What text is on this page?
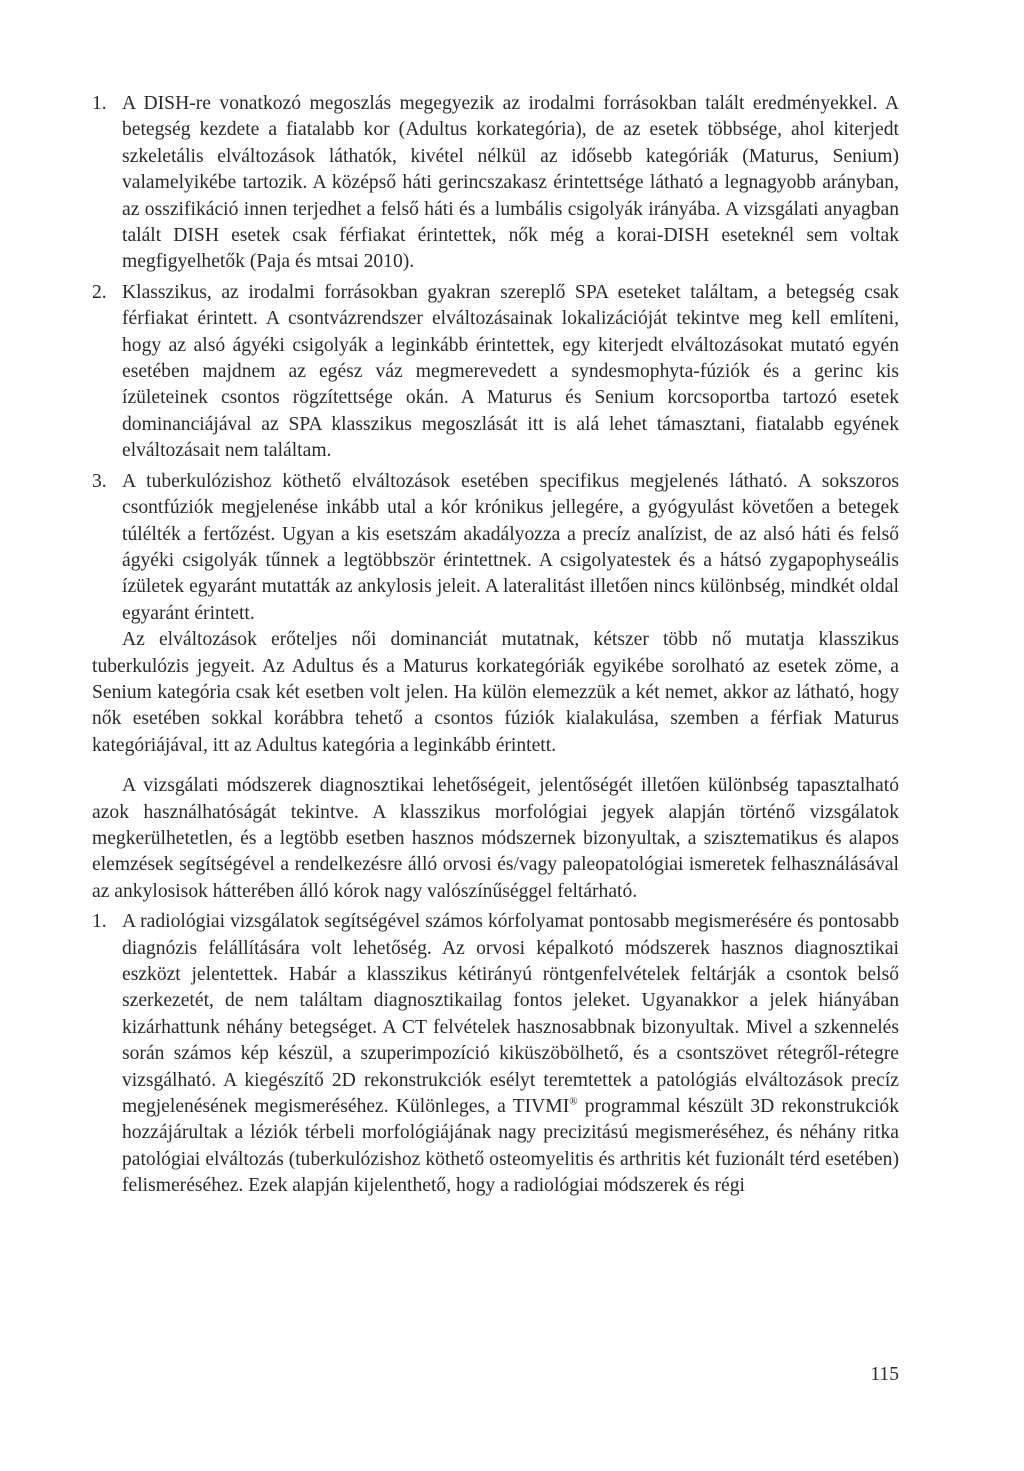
1. A DISH-re vonatkozó megoszlás megegyezik az irodalmi forrásokban talált eredményekkel. A betegség kezdete a fiatalabb kor (Adultus korkategória), de az esetek többsége, ahol kiterjedt szkeletális elváltozások láthatók, kivétel nélkül az idősebb kategóriák (Maturus, Senium) valamelyikébe tartozik. A középső háti gerincszakasz érintettsége látható a legnagyobb arányban, az osszifikáció innen terjedhet a felső háti és a lumbális csigolyák irányába. A vizsgálati anyagban talált DISH esetek csak férfiakat érintettek, nők még a korai-DISH eseteknél sem voltak megfigyelhetők (Paja és mtsai 2010).
2. Klasszikus, az irodalmi forrásokban gyakran szereplő SPA eseteket találtam, a betegség csak férfiakat érintett. A csontvázrendszer elváltozásainak lokalizációját tekintve meg kell említeni, hogy az alsó ágyéki csigolyák a leginkább érintettek, egy kiterjedt elváltozásokat mutató egyén esetében majdnem az egész váz megmerevedett a syndesmophyta-fúziók és a gerinc kis ízületeinek csontos rögzítettsége okán. A Maturus és Senium korcsoportba tartozó esetek dominanciájával az SPA klasszikus megoszlását itt is alá lehet támasztani, fiatalabb egyének elváltozásait nem találtam.
3. A tuberkulózishoz köthető elváltozások esetében specifikus megjelenés látható. A sokszoros csontfúziók megjelenése inkább utal a kór krónikus jellegére, a gyógyulást követően a betegek túlélték a fertőzést. Ugyan a kis esetszám akadályozza a precíz analízist, de az alsó háti és felső ágyéki csigolyák tűnnek a legtöbbször érintettnek. A csigolyatestek és a hátsó zygapophyseális ízületek egyaránt mutatták az ankylosis jeleit. A lateralitást illetően nincs különbség, mindkét oldal egyaránt érintett.

Az elváltozások erőteljes női dominanciát mutatnak, kétszer több nő mutatja klasszikus tuberkulózis jegyeit. Az Adultus és a Maturus korkategóriák egyikébe sorolható az esetek zöme, a Senium kategória csak két esetben volt jelen. Ha külön elemezzük a két nemet, akkor az látható, hogy nők esetében sokkal korábbra tehető a csontos fúziók kialakulása, szemben a férfiak Maturus kategóriájával, itt az Adultus kategória a leginkább érintett.

A vizsgálati módszerek diagnosztikai lehetőségeit, jelentőségét illetően különbség tapasztalható azok használhatóságát tekintve. A klasszikus morfológiai jegyek alapján történő vizsgálatok megkerülhetetlen, és a legtöbb esetben hasznos módszernek bizonyultak, a szisztematikus és alapos elemzések segítségével a rendelkezésre álló orvosi és/vagy paleopatológiai ismeretek felhasználásával az ankylosisok hátterében álló kórok nagy valószínűséggel feltárható.

1. A radiológiai vizsgálatok segítségével számos kórfolyamat pontosabb megismerésére és pontosabb diagnózis felállítására volt lehetőség. Az orvosi képalkotó módszerek hasznos diagnosztikai eszközt jelentettek. Habár a klasszikus kétirányú röntgenfelvételek feltárják a csontok belső szerkezetét, de nem találtam diagnosztikailag fontos jeleket. Ugyanakkor a jelek hiányában kizárhattunk néhány betegséget. A CT felvételek hasznosabbnak bizonyultak. Mivel a szkennelés során számos kép készül, a szuperimpozíció kiküszöbölhető, és a csontszövet rétegről-rétegre vizsgálható. A kiegészítő 2D rekonstrukciók esélyt teremtettek a patológiás elváltozások precíz megjelenésének megismeréséhez. Különleges, a TIVMI® programmal készült 3D rekonstrukciók hozzájárultak a léziók térbeli morfológiájának nagy precizitású megismeréséhez, és néhány ritka patológiai elváltozás (tuberkulózishoz köthető osteomyelitis és arthritis két fuzionált térd esetében) felismeréséhez. Ezek alapján kijelenthető, hogy a radiológiai módszerek és régi
115
